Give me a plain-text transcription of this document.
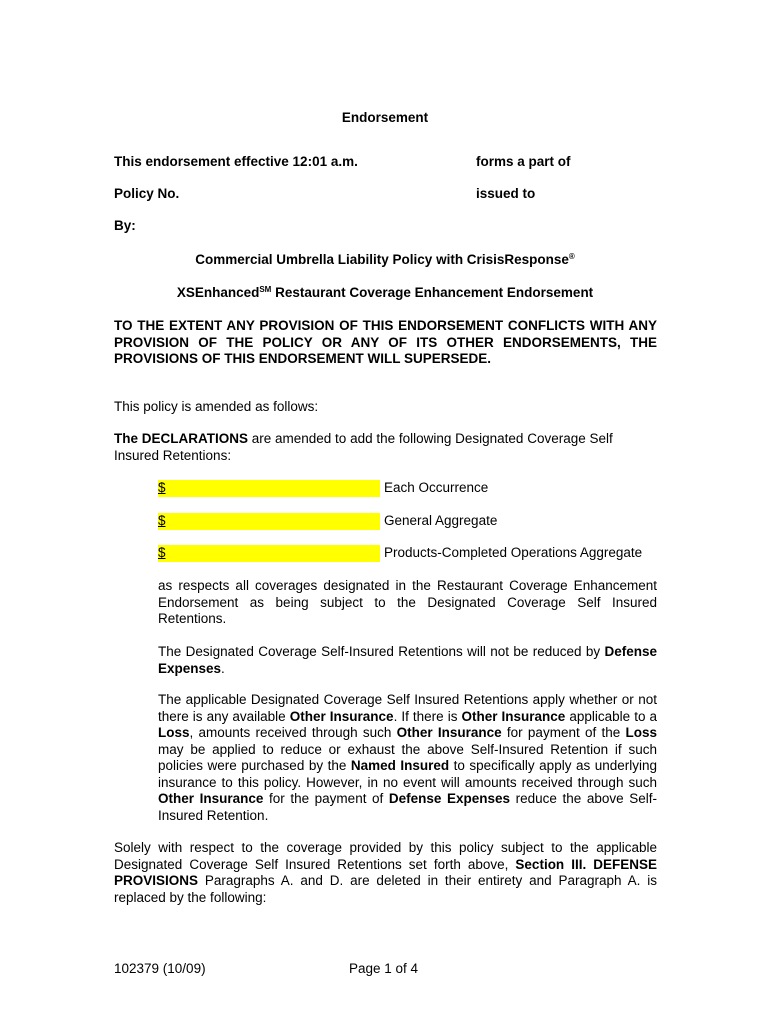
Endorsement
This endorsement effective 12:01 a.m.	forms a part of
Policy No.	issued to
By:
Commercial Umbrella Liability Policy with CrisisResponse®
XSEnhanced℠ Restaurant Coverage Enhancement Endorsement
TO THE EXTENT ANY PROVISION OF THIS ENDORSEMENT CONFLICTS WITH ANY PROVISION OF THE POLICY OR ANY OF ITS OTHER ENDORSEMENTS, THE PROVISIONS OF THIS ENDORSEMENT WILL SUPERSEDE.
This policy is amended as follows:
The DECLARATIONS are amended to add the following Designated Coverage Self Insured Retentions:
$	Each Occurrence
$	General Aggregate
$	Products-Completed Operations Aggregate
as respects all coverages designated in the Restaurant Coverage Enhancement Endorsement as being subject to the Designated Coverage Self Insured Retentions.
The Designated Coverage Self-Insured Retentions will not be reduced by Defense Expenses.
The applicable Designated Coverage Self Insured Retentions apply whether or not there is any available Other Insurance. If there is Other Insurance applicable to a Loss, amounts received through such Other Insurance for payment of the Loss may be applied to reduce or exhaust the above Self-Insured Retention if such policies were purchased by the Named Insured to specifically apply as underlying insurance to this policy. However, in no event will amounts received through such Other Insurance for the payment of Defense Expenses reduce the above Self-Insured Retention.
Solely with respect to the coverage provided by this policy subject to the applicable Designated Coverage Self Insured Retentions set forth above, Section III. DEFENSE PROVISIONS Paragraphs A. and D. are deleted in their entirety and Paragraph A. is replaced by the following:
102379 (10/09)	Page 1 of 4
